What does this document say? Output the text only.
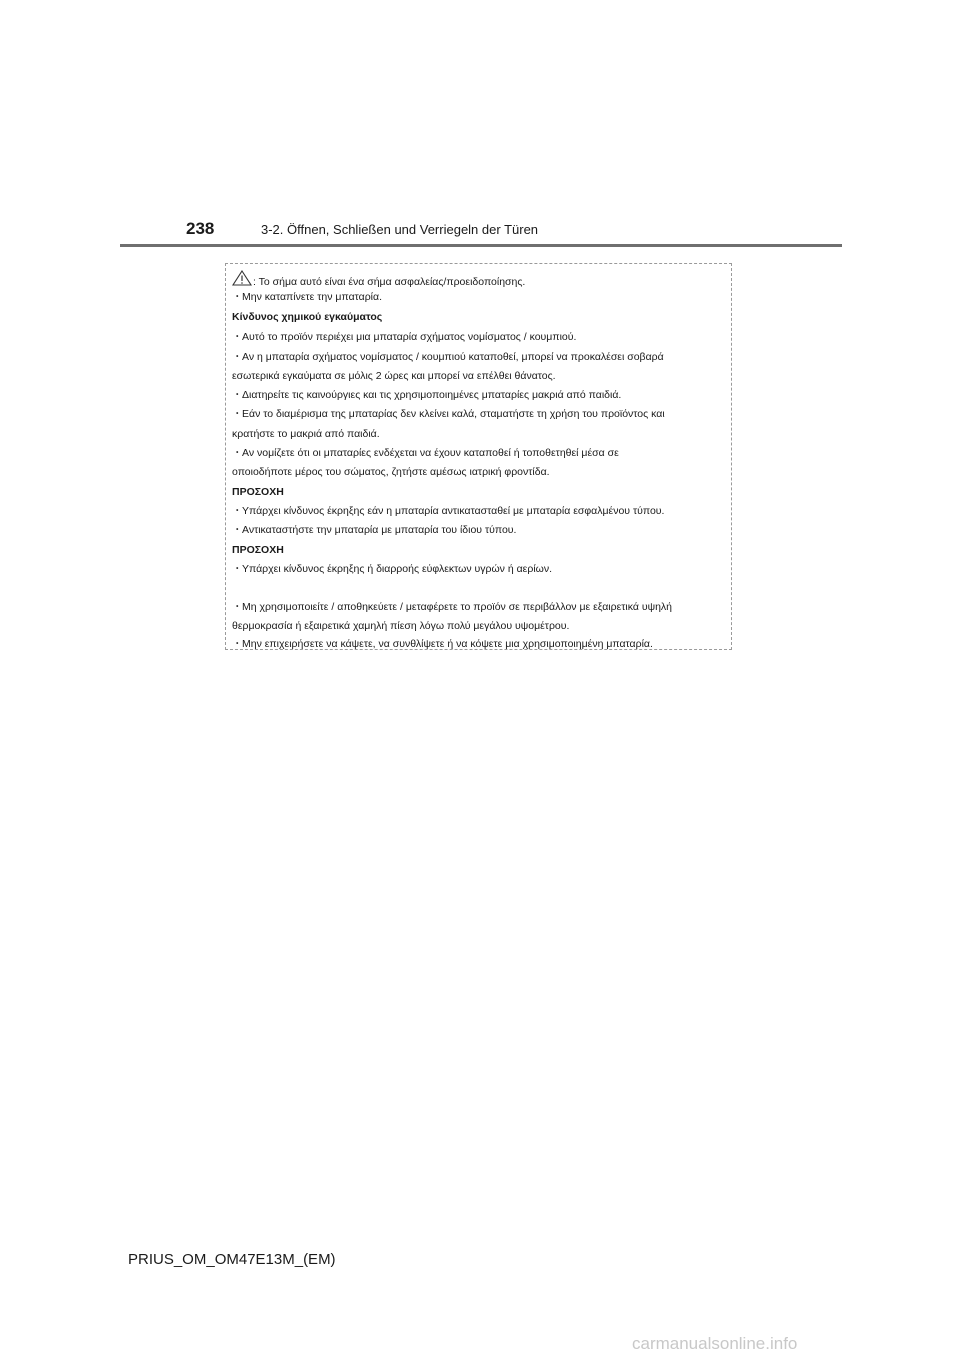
238	3-2. Öffnen, Schließen und Verriegeln der Türen
: Το σήμα αυτό είναι ένα σήμα ασφαλείας/προειδοποίησης.
・Μην καταπίνετε την μπαταρία.
Κίνδυνος χημικού εγκαύματος
・Αυτό το προϊόν περιέχει μια μπαταρία σχήματος νομίσματος / κουμπιού.
・Αν η μπαταρία σχήματος νομίσματος / κουμπιού καταποθεί, μπορεί να προκαλέσει σοβαρά
εσωτερικά εγκαύματα σε μόλις 2 ώρες και μπορεί να επέλθει θάνατος.
・Διατηρείτε τις καινούργιες και τις χρησιμοποιημένες μπαταρίες μακριά από παιδιά.
・Εάν το διαμέρισμα της μπαταρίας δεν κλείνει καλά, σταματήστε τη χρήση του προϊόντος και
κρατήστε το μακριά από παιδιά.
・Αν νομίζετε ότι οι μπαταρίες ενδέχεται να έχουν καταποθεί ή τοποθετηθεί μέσα σε
οποιοδήποτε μέρος του σώματος, ζητήστε αμέσως ιατρική φροντίδα.
ΠΡΟΣΟΧΗ
・Υπάρχει κίνδυνος έκρηξης εάν η μπαταρία αντικατασταθεί με μπαταρία εσφαλμένου τύπου.
・Αντικαταστήστε την μπαταρία με μπαταρία του ίδιου τύπου.
ΠΡΟΣΟΧΗ
・Υπάρχει κίνδυνος έκρηξης ή διαρροής εύφλεκτων υγρών ή αερίων.
・Μη χρησιμοποιείτε / αποθηκεύετε / μεταφέρετε το προϊόν σε περιβάλλον με εξαιρετικά υψηλή
θερμοκρασία ή εξαιρετικά χαμηλή πίεση λόγω πολύ μεγάλου υψομέτρου.
・Μην επιχειρήσετε να κάψετε, να συνθλίψετε ή να κόψετε μια χρησιμοποιημένη μπαταρία.
PRIUS_OM_OM47E13M_(EM)
carmanualsonline.info
